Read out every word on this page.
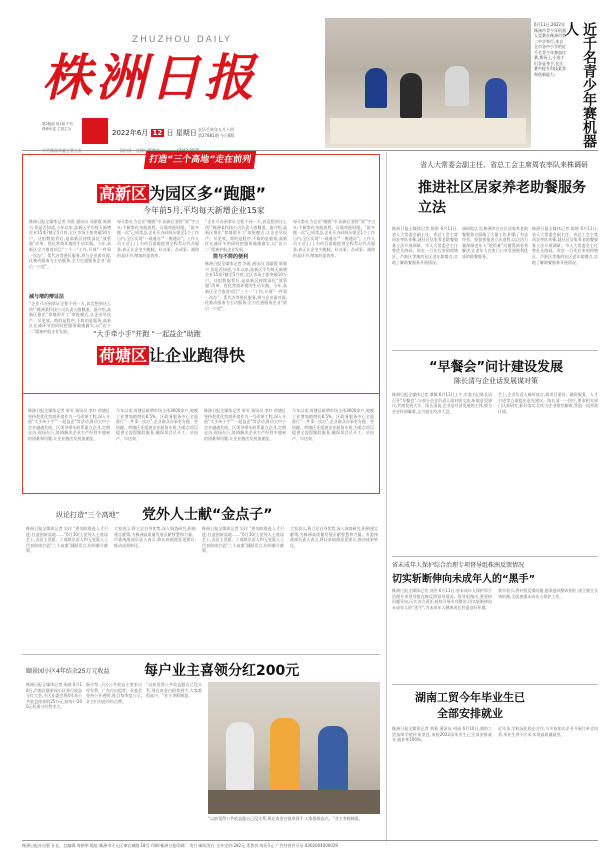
ZHUZHOU DAILY
株洲日报
第2版展 第1版 中共株洲市委 主管主办	2022年6月 12 日 星期日 农历壬寅年五月十四
第27881期 今日8版
6月11日,2022年株洲市青少年机器人竞赛在株洲市第二中学举行,来自全市各中小学的近千名青少年参加比赛,赛场上,小选手们各显身手,在比赛中提升科技素养和创新能力。	近千名青少年赛机器人
打造“三个高地”走在前列
高新区 为园区多“跑腿”
今年前5月,平均每天新增企业15家
株洲日报全媒体记者 刘嘉 通讯员 刘淑霞 陈鼎兴 你是否知道,今年以来,高新区平均每天新增企业15家?截至5月底,全区市场主体突破10万户。这组数据背后,是高新区持续深化“放管服”改革、优化营商环境的生动实践。今年,高新区全力推进项目“三个一”工作,开展“一件事一次办”、帮代办等便民服务,将与企业面对面,化被动服务为主动服务,全力打通服务企业“最后一公里”。
减与増的辩证法
“企业开办到拿证全程不到一天,真没想到这么快!”株洲某科技公司负责人感慨道。据介绍,高新区推出“拿地即开工”审批模式,让企业早投产、早见效。简的是程序,不简的是服务,高新区在减环节的同时把服务做细做实,以“店小二”精神护航企业发展。
每天都在为企业“跑腿”中,高新区坚持“放”字当头,不断简化审批流程、压缩审批时限。“最多跑一次”已成常态,企业开办时间压缩至1个工作日内,全区实现“一网通办”“一窗通办”。工作人员主动上门,为项目落地提供全程帮办代办服务,真正让企业少跑腿、好办事、办成事。减掉的是环节,增加的是效率。
“企业开办到拿证全程不到一天,真没想到这么快!”株洲某科技公司负责人感慨道。据介绍,高新区推出“拿地即开工”审批模式,让企业早投产、早见效。简的是程序,不简的是服务,高新区在减环节的同时把服务做细做实,以“店小二”精神护航企业发展。
简与不简的便利
株洲日报全媒体记者 刘嘉 通讯员 刘淑霞 陈鼎兴 你是否知道,今年以来,高新区平均每天新增企业15家?截至5月底,全区市场主体突破10万户。这组数据背后,是高新区持续深化“放管服”改革、优化营商环境的生动实践。今年,高新区全力推进项目“三个一”工作,开展“一件事一次办”、帮代办等便民服务,将与企业面对面,化被动服务为主动服务,全力打通服务企业“最后一公里”。
每天都在为企业“跑腿”中,高新区坚持“放”字当头,不断简化审批流程、压缩审批时限。“最多跑一次”已成常态,企业开办时间压缩至1个工作日内,全区实现“一网通办”“一窗通办”。工作人员主动上门,为项目落地提供全程帮办代办服务,真正让企业少跑腿、好办事、办成事。减掉的是环节,增加的是效率。
“大手牵小手”并跑 “一起益企”助跑
荷塘区 让企业跑得快
株洲日报全媒体记者 周芳 通讯员 李红 荷塘区坚持把优化营商环境作为一号改革工程,深入开展“大手牵小手”“一起益企”等活动,推动大中小企业融通发展。区领导带头联系重点企业,定期走访,现场办公,协调解决企业生产经营中遇到的困难和问题,让企业跑出发展加速度。
今年以来,荷塘区新增市场主体3000余户,规模工业增加值增长8.5%。区政务服务中心全面推行“一件事一次办”,企业群众办事更方便、更快捷。荷塘区还组建企业服务专班,为重点项目提供全流程跟踪服务,确保项目早开工、早投产、早达效。
株洲日报全媒体记者 周芳 通讯员 李红 荷塘区坚持把优化营商环境作为一号改革工程,深入开展“大手牵小手”“一起益企”等活动,推动大中小企业融通发展。区领导带头联系重点企业,定期走访,现场办公,协调解决企业生产经营中遇到的困难和问题,让企业跑出发展加速度。
今年以来,荷塘区新增市场主体3000余户,规模工业增加值增长8.5%。区政务服务中心全面推行“一件事一次办”,企业群众办事更方便、更快捷。荷塘区还组建企业服务专班,为重点项目提供全流程跟踪服务,确保项目早开工、早投产、早达效。
省人大常委会副主任、省总工会主席周农率队来株调研
推进社区居家养老助餐服务立法
株洲日报全媒体记者 陈婷 6月11日,省人大常委会副主任、省总工会主席周农率队来株,就社区居家养老助餐服务立法开展调研。市人大常委会主任曾佐凡陪同。周农一行先后来到荷塘区、芦淞区等地的社区老年助餐点,实地了解助餐服务开展情况。
调研组认为,株洲市在社区居家养老助餐服务方面做了大量工作,积累了有益经验。要加快推进立法进程,以法治力量保障老年人“吃饭难”问题得到有效解决,让老年人在家门口享受到便利优质的助餐服务。
株洲日报全媒体记者 陈婷 6月11日,省人大常委会副主任、省总工会主席周农率队来株,就社区居家养老助餐服务立法开展调研。市人大常委会主任曾佐凡陪同。周农一行先后来到荷塘区、芦淞区等地的社区老年助餐点,实地了解助餐服务开展情况。
“早餐会”问计建设发展
陈长清与企业话发展谋对策
株洲日报全媒体记者 谭敏 6月11日上午,市委书记陈长清召开“早餐会”,与部分企业负责人面对面交流,听取意见建议,共商发展大计。陈长清说,企业是经济发展的主体,要为企业纾困解难,全力稳住经济大盘。
会上,企业负责人畅所欲言,就项目建设、融资服务、人才引进等方面提出意见建议。陈长清一一回应,要求相关部门认真研究,抓好落实,切实为企业排忧解难,营造一流营商环境。
省未成年人保护综合治理专项督导组株洲反馈情况
切实斩断伸向未成年人的“黑手”
株洲日报全媒体记者 刘芳 6月11日,省未成年人保护综合治理专项督导组在株反馈督导情况。督导组指出,要坚持问题导向,压实各方责任,持续开展专项整治,切实斩断伸向未成年人的“黑手”,为未成年人健康成长营造良好环境。
我市表示,将对照反馈问题,逐条逐项整改到位,建立健全长效机制,全面加强未成年人保护工作。
湖南工贸今年毕业生已全部安排就业
株洲日报全媒体记者 黄莉 通讯员 何丽 6月10日,湖南工贸技师学院传来消息,该校2022届毕业生已全部安排就业,就业率100%。
近年来,学校深化校企合作,与多家知名企业开展订单式培养,毕业生供不应求,实现高质量就业。
纵论打造“三个高地” 党外人士献“金点子”
株洲日报全媒体记者 吴玲 “要加快推进人才引进,打造创新高地……”6月10日,党外人士座谈会上,各民主党派、工商联负责人和无党派人士代表围绕打造“三个高地”踊跃发言,纷纷献计献策。
大家表示,将立足自身优势,深入调查研究,积极建言献策,为株洲高质量发展贡献智慧和力量。市委统战部负责人表示,将认真梳理意见建议,推动成果转化。
株洲日报全媒体记者 吴玲 “要加快推进人才引进,打造创新高地……”6月10日,党外人士座谈会上,各民主党派、工商联负责人和无党派人士代表围绕打造“三个高地”踊跃发言,纷纷献计献策。
大家表示,将立足自身优势,深入调查研究,积极建言献策,为株洲高质量发展贡献智慧和力量。市委统战部负责人表示,将认真梳理意见建议,推动成果转化。
颐景园小区4年结余25万元收益 每户业主喜领分红200元
株洲日报全媒体记者 朱晓 6月10日,芦淞区颐景园小区举行收益分红大会,小区业委会将4年来公共收益结余的25万元,按每户200元标准分红给业主。
据介绍,小区公共收益主要来自停车费、广告位出租等。业委会坚持公开透明,账目每季度公示,业主们对此纷纷点赞。
“以前觉得公共收益跟自己没关系,现在真金白银拿到手,大家都很高兴。”业主李阿姨说。
“以前觉得公共收益跟自己没关系,现在真金白银拿到手,大家都很高兴。”业主李阿姨说。
株洲日报社出版 社长、总编辑:周朝华 地址:株洲市天元区神农城路 18号 印刷:株洲日报印刷厂 发行:邮局发行 全年定价:282元 零售价:每份1元 广告经营许可证:4302004000029
